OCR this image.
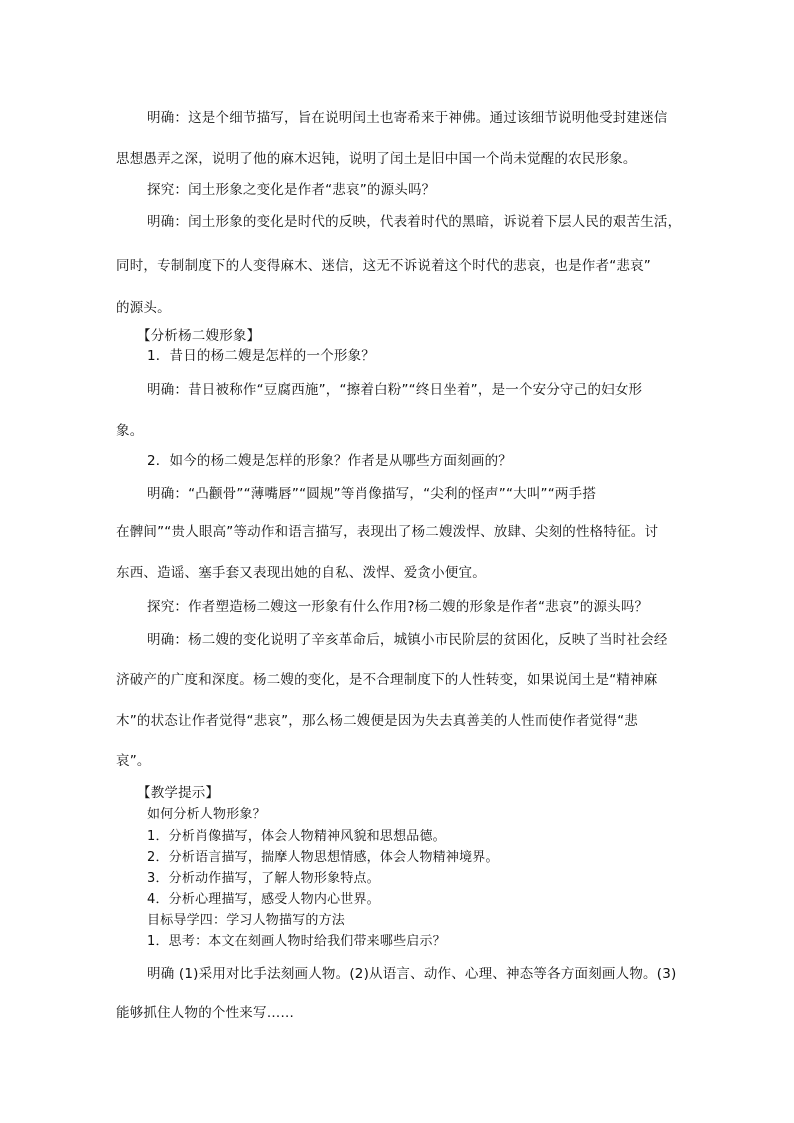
明确：这是个细节描写，旨在说明闰土也寄希来于神佛。通过该细节说明他受封建迷信
思想愚弄之深，说明了他的麻木迟钝，说明了闰土是旧中国一个尚未觉醒的农民形象。
探究：闰土形象之变化是作者“悲哀”的源头吗？
明确：闰土形象的变化是时代的反映，代表着时代的黑暗，诉说着下层人民的艰苦生活，
同时，专制制度下的人变得麻木、迷信，这无不诉说着这个时代的悲哀，也是作者“悲哀”
的源头。
【分析杨二嫂形象】
1．昔日的杨二嫂是怎样的一个形象？
明确：昔日被称作“豆腐西施”，“擦着白粉”“终日坐着”，是一个安分守己的妇女形
象。
2．如今的杨二嫂是怎样的形象？作者是从哪些方面刻画的？
明确：“凸颧骨”“薄嘴唇”“圆规”等肖像描写，“尖利的怪声”“大叫”“两手搭
在髀间”“贵人眼高”等动作和语言描写，表现出了杨二嫂泼悍、放肆、尖刻的性格特征。讨
东西、造谣、塞手套又表现出她的自私、泼悍、爱贪小便宜。
探究：作者塑造杨二嫂这一形象有什么作用?杨二嫂的形象是作者“悲哀”的源头吗？
明确：杨二嫂的变化说明了辛亥革命后，城镇小市民阶层的贫困化，反映了当时社会经
济破产的广度和深度。杨二嫂的变化，是不合理制度下的人性转变，如果说闰土是“精神麻
木”的状态让作者觉得“悲哀”，那么杨二嫂便是因为失去真善美的人性而使作者觉得“悲
哀”。
【教学提示】
如何分析人物形象？
1．分析肖像描写，体会人物精神风貌和思想品德。
2．分析语言描写，揣摩人物思想情感，体会人物精神境界。
3．分析动作描写，了解人物形象特点。
4．分析心理描写，感受人物内心世界。
目标导学四：学习人物描写的方法
1．思考：本文在刻画人物时给我们带来哪些启示？
明确 (1)采用对比手法刻画人物。(2)从语言、动作、心理、神态等各方面刻画人物。(3)
能够抓住人物的个性来写……
